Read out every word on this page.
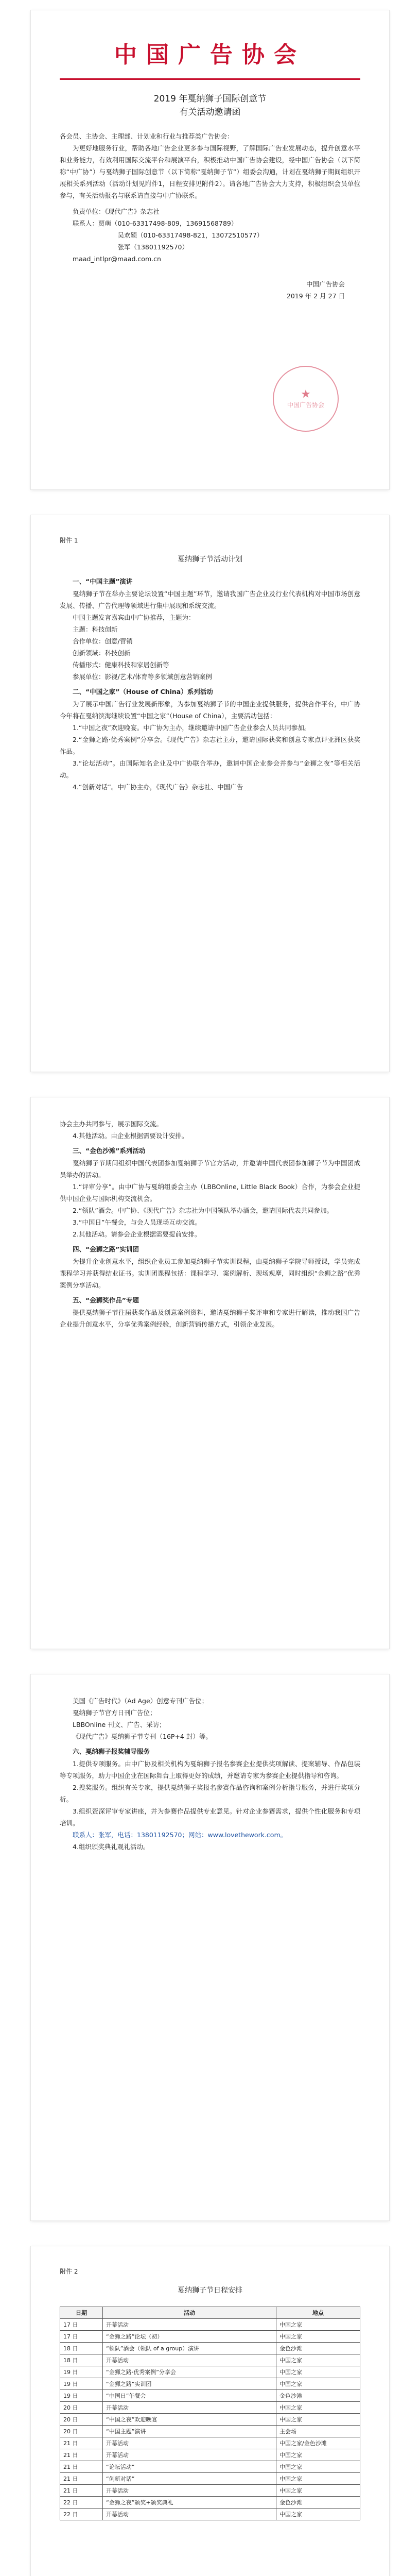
中国广告协会

2019 年戛纳狮子国际创意节

有关活动邀请函

各会员、主协会、主理部、计划业和行业与推荐类广告协会：

为更好地服务行业，帮助各地广告企业更多参与国际视野，了解国际广告业发展动态，提升创意水平和业务能力，有效利用国际交流平台和展演平台，积极推动中国广告协会建设，经中国广告协会（以下简称“中广协”）与戛纳狮子国际创意节（以下简称“戛纳狮子节”）组委会沟通，计划在戛纳狮子期间组织开展相关系列活动（活动计划见附件1，日程安排见附件2）。请各地广告协会大力支持，积极组织会员单位参与，有关活动报名与联系请直接与中广协联系。

负责单位：《现代广告》杂志社

联系人：贾萌（010-63317498-809，13691568789）

吴欢颖（010-63317498-821，13072510577）

张军（13801192570）

maad_intlpr@maad.com.cn

中国广告协会

2019 年 2 月 27 日

★
中国广告协会

附件 1

戛纳狮子节活动计划

一、“中国主题”演讲

戛纳狮子节在举办主要论坛设置“中国主题”环节，邀请我国广告企业及行业代表机构对中国市场创意发展、传播、广告代理等领域进行集中展现和系统交流。

中国主题发言嘉宾由中广协推荐，主题为：

主题：科技创新

合作单位：创意/营销

创新领域：科技创新

传播形式：健康科技和家居创新等

参展单位：影视/艺术/体育等多领域创意营销案例

二、“中国之家”（House of China）系列活动

为了展示中国广告行业发展新形象，为参加戛纳狮子节的中国企业提供服务，提供合作平台，中广协今年将在戛纳滨海继续设置“中国之家”（House of China），主要活动包括：

1.“中国之夜”欢迎晚宴。中广协为主办，继续邀请中国广告企业参会人员共同参加。

2.“金狮之路·优秀案例”分享会。《现代广告》杂志社主办，邀请国际获奖和创意专家点评亚洲区获奖作品。

3.“论坛活动”。由国际知名企业及中广协联合举办，邀请中国企业参会并参与“金狮之夜”等相关活动。

4.“创新对话”。中广协主办，《现代广告》杂志社、中国广告

协会主办共同参与，展示国际交流。

4.其他活动。由企业根据需要设计安排。

三、“金色沙滩”系列活动

戛纳狮子节期间组织中国代表团参加戛纳狮子节官方活动，并邀请中国代表团参加狮子节为中国团成员举办的活动。

1.“评审分享”。由中广协与戛纳组委会主办（LBBOnline, Little Black Book）合作，为参会企业提供中国企业与国际机构交流机会。

2.“领队”酒会。中广协、《现代广告》杂志社为中国领队举办酒会，邀请国际代表共同参加。

3.“中国日”午餐会，与会人员现场互动交流。

2.其他活动。请参会企业根据需要提前安排。

四、“金狮之路”实训团

为提升企业创意水平，组织企业员工参加戛纳狮子节实训课程，由戛纳狮子学院导师授课，学员完成课程学习并获得结业证书。实训团课程包括：课程学习、案例解析、现场观摩，同时组织“金狮之路”优秀案例分享活动。

五、“金狮奖作品”专题

提供戛纳狮子节往届获奖作品及创意案例资料，邀请戛纳狮子奖评审和专家进行解读，推动我国广告企业提升创意水平，分享优秀案例经验，创新营销传播方式，引领企业发展。

美国《广告时代》（Ad Age）创意专刊广告位；

戛纳狮子节官方日刊广告位；

LBBOnline 刊文、广告、采访；

《现代广告》戛纳狮子节专刊（16P+4 封）等。

六、戛纳狮子报奖辅导服务

1.提供专项服务。由中广协及相关机构为戛纳狮子报名参赛企业提供奖项解读、提案辅导、作品包装等专项服务，助力中国企业在国际舞台上取得更好的成绩，并邀请专家为参赛企业提供指导和咨询。

2.搜奖服务。组织有关专家，提供戛纳狮子奖报名参赛作品咨询和案例分析指导服务，并进行奖项分析。

3.组织资深评审专家讲座，并为参赛作品提供专业意见。针对企业参赛需求，提供个性化服务和专项培训。

联系人：张军，电话：13801192570；网站：www.lovethework.com。

4.组织颁奖典礼观礼活动。

附件 2

戛纳狮子节日程安排

日期	活动	地点
17 日	开幕活动	中国之家
17 日	“金狮之路”论坛（初）	中国之家
18 日	“领队”酒会（领队 of a group）演讲	金色沙滩
18 日	开幕活动	中国之家
19 日	“金狮之路·优秀案例”分享会	中国之家
19 日	“金狮之路”实训团	中国之家
19 日	“中国日”午餐会	金色沙滩
20 日	开幕活动	中国之家
20 日	“中国之夜”欢迎晚宴	中国之家
20 日	“中国主题”演讲	主会场
21 日	开幕活动	中国之家/金色沙滩
21 日	开幕活动	中国之家
21 日	“论坛活动”	中国之家
21 日	“创新对话”	中国之家
21 日	开幕活动	中国之家
22 日	“金狮之夜”颁奖+颁奖典礼	金色沙滩
22 日	开幕活动	中国之家
